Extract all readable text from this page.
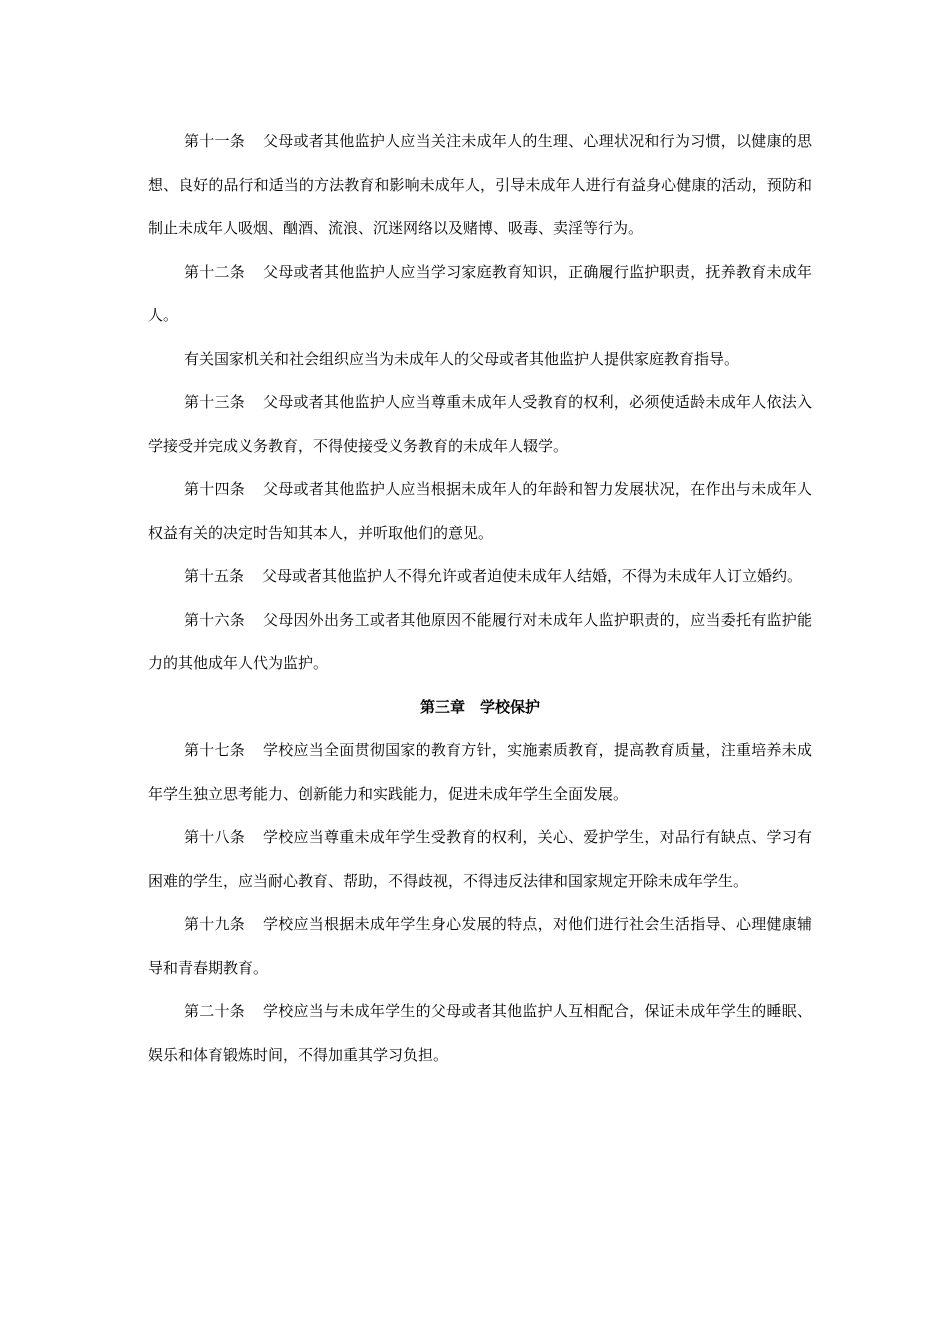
第十一条 父母或者其他监护人应当关注未成年人的生理、心理状况和行为习惯，以健康的思想、良好的品行和适当的方法教育和影响未成年人，引导未成年人进行有益身心健康的活动，预防和制止未成年人吸烟、酗酒、流浪、沉迷网络以及赌博、吸毒、卖淫等行为。

第十二条 父母或者其他监护人应当学习家庭教育知识，正确履行监护职责，抚养教育未成年人。

有关国家机关和社会组织应当为未成年人的父母或者其他监护人提供家庭教育指导。

第十三条 父母或者其他监护人应当尊重未成年人受教育的权利，必须使适龄未成年人依法入学接受并完成义务教育，不得使接受义务教育的未成年人辍学。

第十四条 父母或者其他监护人应当根据未成年人的年龄和智力发展状况，在作出与未成年人权益有关的决定时告知其本人，并听取他们的意见。

第十五条 父母或者其他监护人不得允许或者迫使未成年人结婚，不得为未成年人订立婚约。

第十六条 父母因外出务工或者其他原因不能履行对未成年人监护职责的，应当委托有监护能力的其他成年人代为监护。

第三章　学校保护

第十七条 学校应当全面贯彻国家的教育方针，实施素质教育，提高教育质量，注重培养未成年学生独立思考能力、创新能力和实践能力，促进未成年学生全面发展。

第十八条 学校应当尊重未成年学生受教育的权利，关心、爱护学生，对品行有缺点、学习有困难的学生，应当耐心教育、帮助，不得歧视，不得违反法律和国家规定开除未成年学生。

第十九条 学校应当根据未成年学生身心发展的特点，对他们进行社会生活指导、心理健康辅导和青春期教育。

第二十条 学校应当与未成年学生的父母或者其他监护人互相配合，保证未成年学生的睡眠、娱乐和体育锻炼时间，不得加重其学习负担。
